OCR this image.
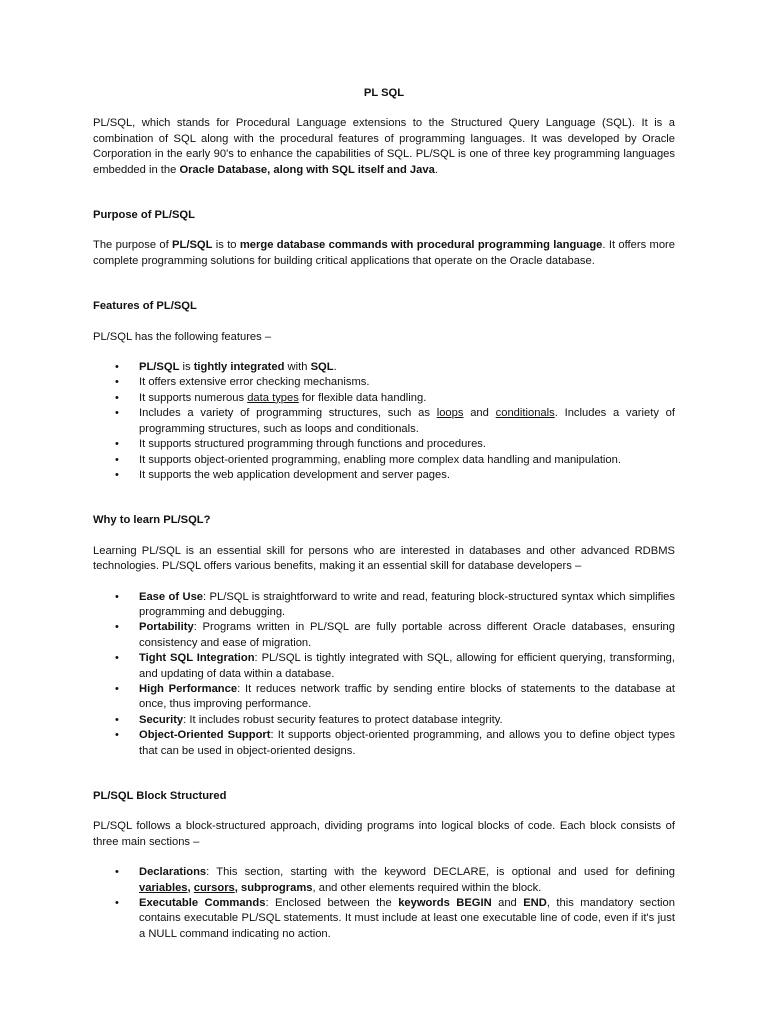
PL SQL

PL/SQL, which stands for Procedural Language extensions to the Structured Query Language (SQL). It is a combination of SQL along with the procedural features of programming languages. It was developed by Oracle Corporation in the early 90's to enhance the capabilities of SQL. PL/SQL is one of three key programming languages embedded in the Oracle Database, along with SQL itself and Java.

Purpose of PL/SQL

The purpose of PL/SQL is to merge database commands with procedural programming language. It offers more complete programming solutions for building critical applications that operate on the Oracle database.

Features of PL/SQL

PL/SQL has the following features –

• PL/SQL is tightly integrated with SQL.
• It offers extensive error checking mechanisms.
• It supports numerous data types for flexible data handling.
• Includes a variety of programming structures, such as loops and conditionals. Includes a variety of programming structures, such as loops and conditionals.
• It supports structured programming through functions and procedures.
• It supports object-oriented programming, enabling more complex data handling and manipulation.
• It supports the web application development and server pages.
Why to learn PL/SQL?

Learning PL/SQL is an essential skill for persons who are interested in databases and other advanced RDBMS technologies. PL/SQL offers various benefits, making it an essential skill for database developers –

• Ease of Use: PL/SQL is straightforward to write and read, featuring block-structured syntax which simplifies programming and debugging.
• Portability: Programs written in PL/SQL are fully portable across different Oracle databases, ensuring consistency and ease of migration.
• Tight SQL Integration: PL/SQL is tightly integrated with SQL, allowing for efficient querying, transforming, and updating of data within a database.
• High Performance: It reduces network traffic by sending entire blocks of statements to the database at once, thus improving performance.
• Security: It includes robust security features to protect database integrity.
• Object-Oriented Support: It supports object-oriented programming, and allows you to define object types that can be used in object-oriented designs.
PL/SQL Block Structured

PL/SQL follows a block-structured approach, dividing programs into logical blocks of code. Each block consists of three main sections –

• Declarations: This section, starting with the keyword DECLARE, is optional and used for defining variables, cursors, subprograms, and other elements required within the block.
• Executable Commands: Enclosed between the keywords BEGIN and END, this mandatory section contains executable PL/SQL statements. It must include at least one executable line of code, even if it's just a NULL command indicating no action.
